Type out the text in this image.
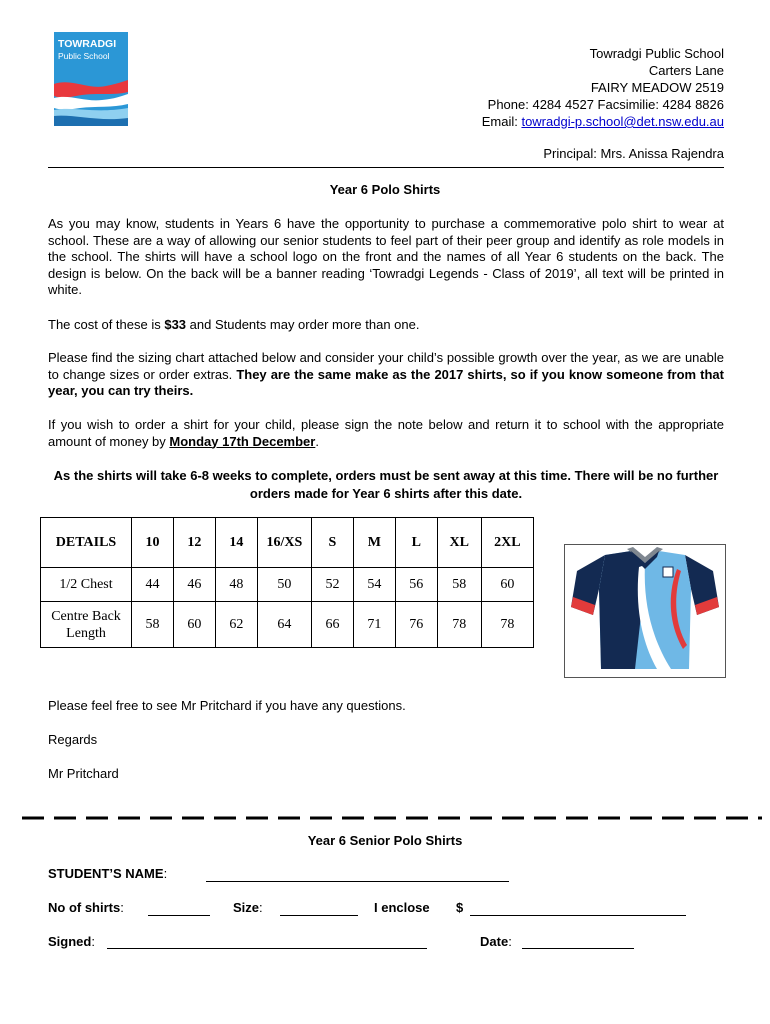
TOWRADGI
Public School	Towradgi Public School
Carters Lane
FAIRY MEADOW 2519
Phone: 4284 4527 Facsimilie: 4284 8826
Email: towradgi-p.school@det.nsw.edu.au
Principal: Mrs. Anissa Rajendra
Year 6 Polo Shirts
As you may know, students in Years 6 have the opportunity to purchase a commemorative polo shirt to wear at school. These are a way of allowing our senior students to feel part of their peer group and identify as role models in the school. The shirts will have a school logo on the front and the names of all Year 6 students on the back. The design is below. On the back will be a banner reading ‘Towradgi Legends - Class of 2019’, all text will be printed in white.
The cost of these is $33 and Students may order more than one.
Please find the sizing chart attached below and consider your child’s possible growth over the year, as we are unable to change sizes or order extras. They are the same make as the 2017 shirts, so if you know someone from that year, you can try theirs.
If you wish to order a shirt for your child, please sign the note below and return it to school with the appropriate amount of money by Monday 17th December.
As the shirts will take 6-8 weeks to complete, orders must be sent away at this time. There will be no further orders made for Year 6 shirts after this date.
DETAILS	10	12	14	16/XS	S	M	L	XL	2XL
1/2 Chest	44	46	48	50	52	54	56	58	60
Centre Back Length	58	60	62	64	66	71	76	78	78
Please feel free to see Mr Pritchard if you have any questions.
Regards
Mr Pritchard
Year 6 Senior Polo Shirts
STUDENT’S NAME:
No of shirts:	Size:	I enclose $
Signed:	Date:
